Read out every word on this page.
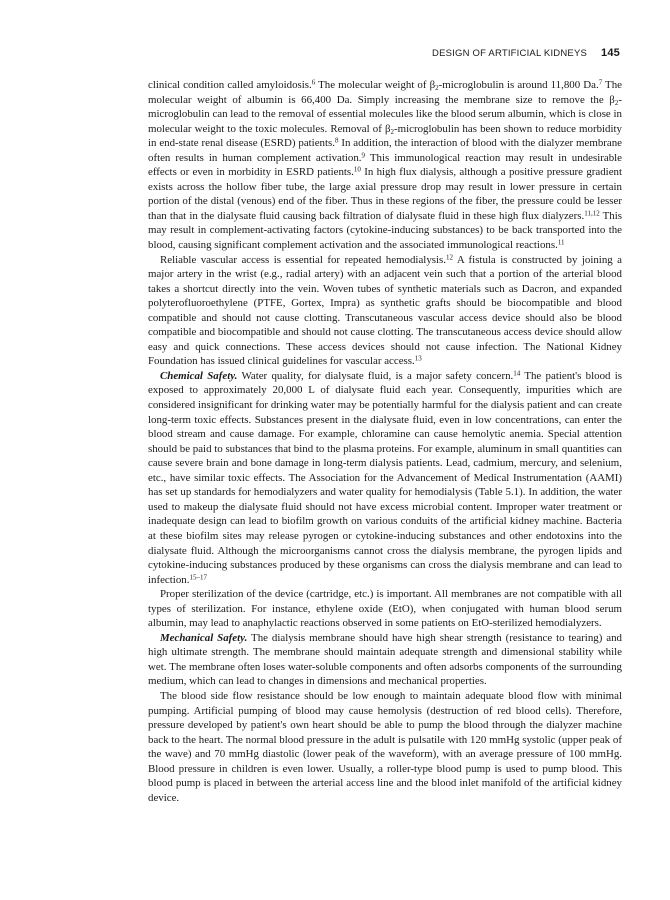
DESIGN OF ARTIFICIAL KIDNEYS 145

clinical condition called amyloidosis.$^6$ The molecular weight of $\beta_2$-microglobulin is around 11,800 Da.$^7$ The molecular weight of albumin is 66,400 Da. Simply increasing the membrane size to remove the $\beta_2$-microglobulin can lead to the removal of essential molecules like the blood serum albumin, which is close in molecular weight to the toxic molecules. Removal of $\beta_2$-microglobulin has been shown to reduce morbidity in end-state renal disease (ESRD) patients.$^8$ In addition, the interaction of blood with the dialyzer membrane often results in human complement activation.$^9$ This immunological reaction may result in undesirable effects or even in morbidity in ESRD patients.$^{10}$ In high flux dialysis, although a positive pressure gradient exists across the hollow fiber tube, the large axial pressure drop may result in lower pressure in certain portion of the distal (venous) end of the fiber. Thus in these regions of the fiber, the pressure could be lesser than that in the dialysate fluid causing back filtration of dialysate fluid in these high flux dialyzers.$^{11,12}$ This may result in complement-activating factors (cytokine-inducing substances) to be back transported into the blood, causing significant complement activation and the associated immunological reactions.$^{11}$

Reliable vascular access is essential for repeated hemodialysis.$^{12}$ A fistula is constructed by joining a major artery in the wrist (e.g., radial artery) with an adjacent vein such that a portion of the arterial blood takes a shortcut directly into the vein. Woven tubes of synthetic materials such as Dacron, and expanded polyterofluoroethylene (PTFE, Gortex, Impra) as synthetic grafts should be biocompatible and blood compatible and should not cause clotting. Transcutaneous vascular access device should also be blood compatible and biocompatible and should not cause clotting. The transcutaneous access device should allow easy and quick connections. These access devices should not cause infection. The National Kidney Foundation has issued clinical guidelines for vascular access.$^{13}$

Chemical Safety. Water quality, for dialysate fluid, is a major safety concern.$^{14}$ The patient's blood is exposed to approximately 20,000 L of dialysate fluid each year. Consequently, impurities which are considered insignificant for drinking water may be potentially harmful for the dialysis patient and can create long-term toxic effects. Substances present in the dialysate fluid, even in low concentrations, can enter the blood stream and cause damage. For example, chloramine can cause hemolytic anemia. Special attention should be paid to substances that bind to the plasma proteins. For example, aluminum in small quantities can cause severe brain and bone damage in long-term dialysis patients. Lead, cadmium, mercury, and selenium, etc., have similar toxic effects. The Association for the Advancement of Medical Instrumentation (AAMI) has set up standards for hemodialyzers and water quality for hemodialysis (Table 5.1). In addition, the water used to makeup the dialysate fluid should not have excess microbial content. Improper water treatment or inadequate design can lead to biofilm growth on various conduits of the artificial kidney machine. Bacteria at these biofilm sites may release pyrogen or cytokine-inducing substances and other endotoxins into the dialysate fluid. Although the microorganisms cannot cross the dialysis membrane, the pyrogen lipids and cytokine-inducing substances produced by these organisms can cross the dialysis membrane and can lead to infection.$^{15-17}$

Proper sterilization of the device (cartridge, etc.) is important. All membranes are not compatible with all types of sterilization. For instance, ethylene oxide (EtO), when conjugated with human blood serum albumin, may lead to anaphylactic reactions observed in some patients on EtO-sterilized hemodialyzers.

Mechanical Safety. The dialysis membrane should have high shear strength (resistance to tearing) and high ultimate strength. The membrane should maintain adequate strength and dimensional stability while wet. The membrane often loses water-soluble components and often adsorbs components of the surrounding medium, which can lead to changes in dimensions and mechanical properties.

The blood side flow resistance should be low enough to maintain adequate blood flow with minimal pumping. Artificial pumping of blood may cause hemolysis (destruction of red blood cells). Therefore, pressure developed by patient's own heart should be able to pump the blood through the dialyzer machine back to the heart. The normal blood pressure in the adult is pulsatile with 120 mmHg systolic (upper peak of the wave) and 70 mmHg diastolic (lower peak of the waveform), with an average pressure of 100 mmHg. Blood pressure in children is even lower. Usually, a roller-type blood pump is used to pump blood. This blood pump is placed in between the arterial access line and the blood inlet manifold of the artificial kidney device.
